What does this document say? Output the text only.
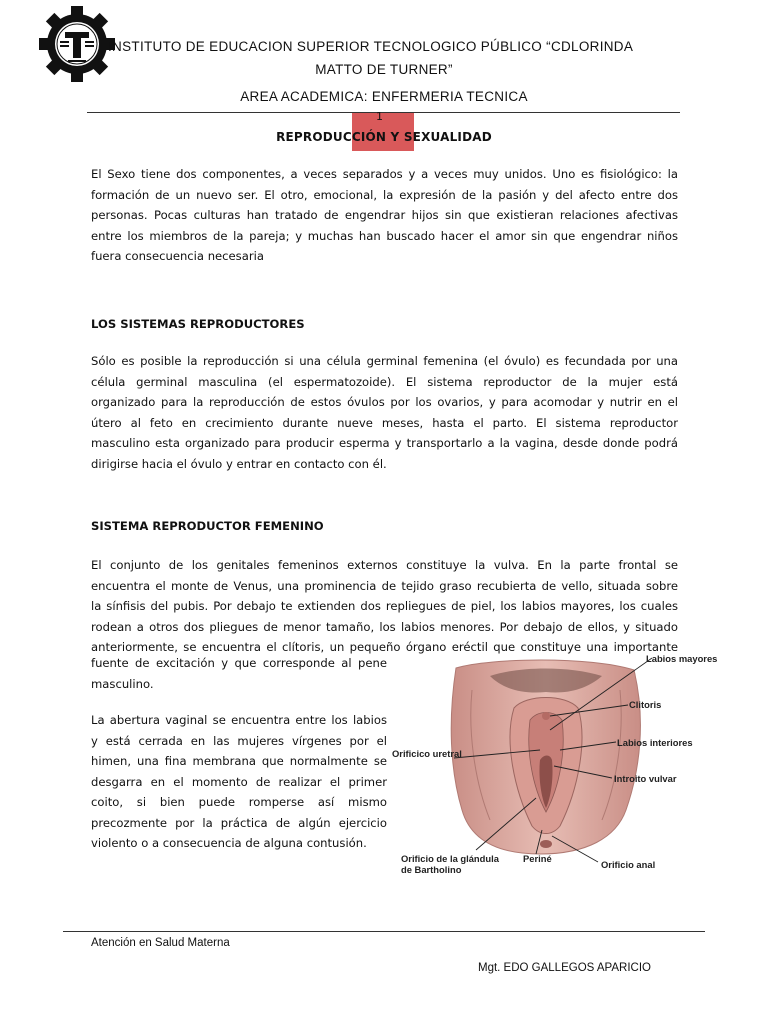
INSTITUTO DE EDUCACION SUPERIOR TECNOLOGICO PÚBLICO “CDLORINDA
MATTO DE TURNER”
AREA ACADEMICA: ENFERMERIA TECNICA
1
REPRODUCCIÓN Y SEXUALIDAD
El Sexo tiene dos componentes, a veces separados y a veces muy unidos. Uno es fisiológico: la
formación de un nuevo ser. El otro, emocional, la expresión de la pasión y del afecto entre dos
personas. Pocas culturas han tratado de engendrar hijos sin que existieran relaciones afectivas
entre los miembros de la pareja; y muchas han buscado hacer el amor sin que engendrar niños
fuera consecuencia necesaria
LOS SISTEMAS REPRODUCTORES
Sólo es posible la reproducción si una célula germinal femenina (el óvulo) es fecundada por una
célula germinal masculina (el espermatozoide). El sistema reproductor de la mujer está
organizado para la reproducción de estos óvulos por los ovarios, y para acomodar y nutrir en el
útero al feto en crecimiento durante nueve meses, hasta el parto. El sistema reproductor
masculino esta organizado para producir esperma y transportarlo a la vagina, desde donde podrá
dirigirse hacia el óvulo y entrar en contacto con él.
SISTEMA REPRODUCTOR FEMENINO
El conjunto de los genitales femeninos externos constituye la vulva. En la parte frontal se
encuentra el monte de Venus, una prominencia de tejido graso recubierta de vello, situada sobre
la sínfisis del pubis. Por debajo te extienden dos repliegues de piel, los labios mayores, los cuales
rodean a otros dos pliegues de menor tamaño, los labios menores. Por debajo de ellos, y situado
anteriormente, se encuentra el clítoris, un pequeño órgano eréctil que constituye una importante
fuente de excitación y que corresponde al pene
masculino.
La abertura vaginal se encuentra entre los labios
y está cerrada en las mujeres vírgenes por el
himen, una fina membrana que normalmente se
desgarra en el momento de realizar el primer
coito, si bien puede romperse así mismo
precozmente por la práctica de algún ejercicio
violento o a consecuencia de alguna contusión.
Labios mayores
Clitoris
Orificico uretral
Labios interiores
Introito vulvar
Orificio de la glándula
de Bartholino
Periné
Orificio anal
Atención en Salud Materna
Mgt. EDO GALLEGOS APARICIO
